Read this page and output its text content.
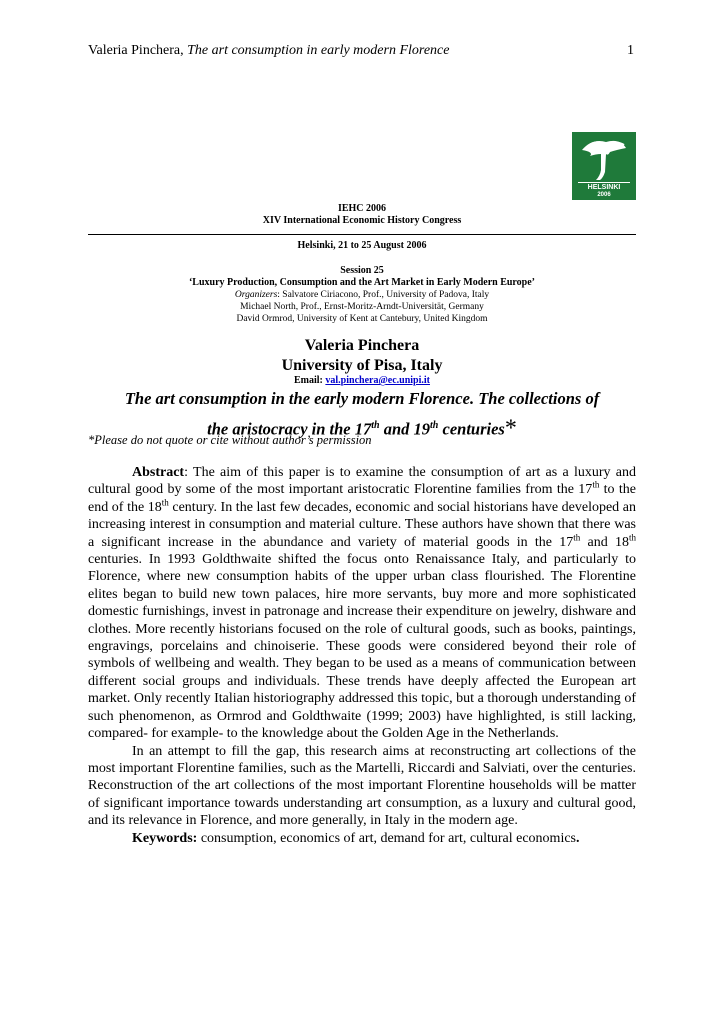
Valeria Pinchera, The art consumption in early modern Florence	1
HELSINKI
2006
IEHC 2006
XIV International Economic History Congress
Helsinki, 21 to 25 August 2006
Session 25
‘Luxury Production, Consumption and the Art Market in Early Modern Europe’
Organizers: Salvatore Ciriacono, Prof., University of Padova, Italy
Michael North, Prof., Ernst-Moritz-Arndt-Universität, Germany
David Ormrod, University of Kent at Cantebury, United Kingdom
Valeria Pinchera
University of Pisa, Italy
Email: val.pinchera@ec.unipi.it
The art consumption in the early modern Florence. The collections of
the aristocracy in the 17th and 19th centuries*
*Please do not quote or cite without author’s permission

Abstract: The aim of this paper is to examine the consumption of art as a luxury and cultural good by some of the most important aristocratic Florentine families from the 17th to the end of the 18th century. In the last few decades, economic and social historians have developed an increasing interest in consumption and material culture. These authors have shown that there was a significant increase in the abundance and variety of material goods in the 17th and 18th centuries. In 1993 Goldthwaite shifted the focus onto Renaissance Italy, and particularly to Florence, where new consumption habits of the upper urban class flourished. The Florentine elites began to build new town palaces, hire more servants, buy more and more sophisticated domestic furnishings, invest in patronage and increase their expenditure on jewelry, dishware and clothes. More recently historians focused on the role of cultural goods, such as books, paintings, engravings, porcelains and chinoiserie. These goods were considered beyond their role of symbols of wellbeing and wealth. They began to be used as a means of communication between different social groups and individuals. These trends have deeply affected the European art market. Only recently Italian historiography addressed this topic, but a thorough understanding of such phenomenon, as Ormrod and Goldthwaite (1999; 2003) have highlighted, is still lacking, compared- for example- to the knowledge about the Golden Age in the Netherlands.

In an attempt to fill the gap, this research aims at reconstructing art collections of the most important Florentine families, such as the Martelli, Riccardi and Salviati, over the centuries. Reconstruction of the art collections of the most important Florentine households will be matter of significant importance towards understanding art consumption, as a luxury and cultural good, and its relevance in Florence, and more generally, in Italy in the modern age.

Keywords: consumption, economics of art, demand for art, cultural economics.
